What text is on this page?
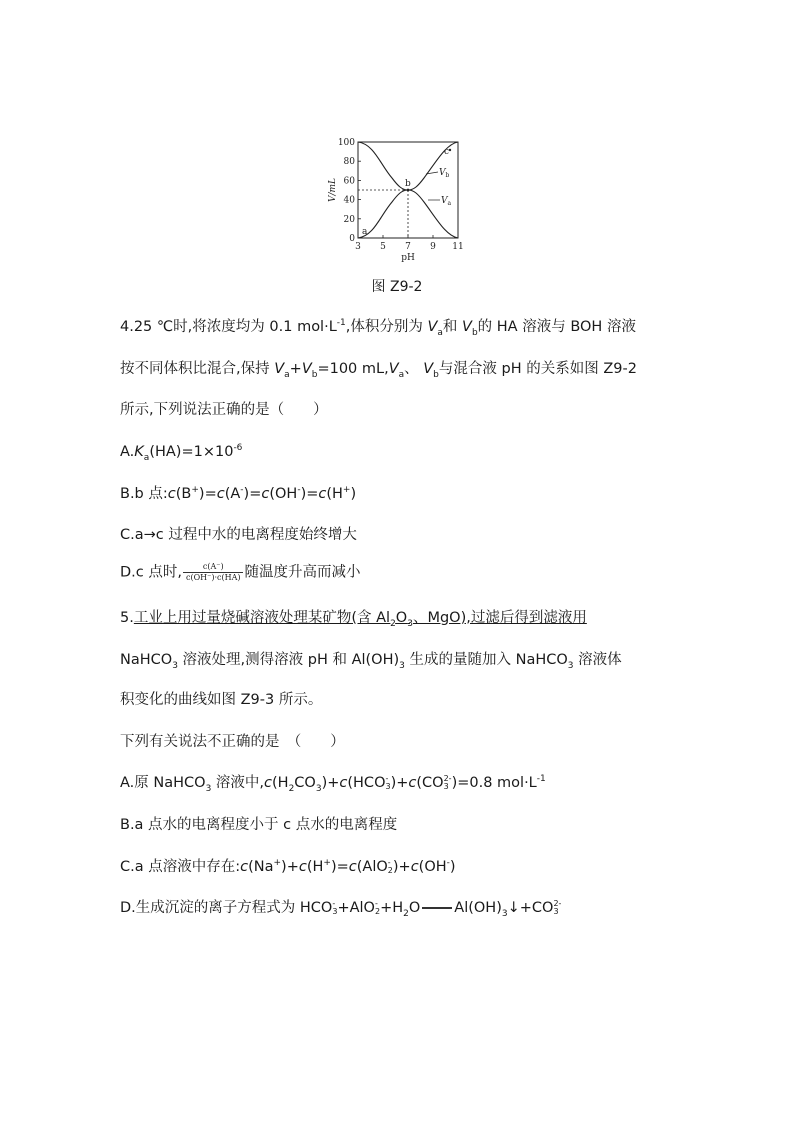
100
80
60
40
20
0
3 5 7 9 11
pH
V/mL
a
b
c
$V_b$
$V_a$
图 Z9-2
4.25 ℃时,将浓度均为 0.1 $mol\cdot L^{-1}$,体积分别为 $V_a$和 $V_b$的 HA 溶液与 BOH 溶液
按不同体积比混合,保持 $V_a+V_b=100$ $mL,V_a$、 $V_b$与混合液 pH 的关系如图 Z9-2
所示,下列说法正确的是（　　）
$A.K_a(HA)=1\times 10^{-6}$
B.b 点:c(B+)=c(A-)=c(OH-)=c(H+)
C.a→c 过程中水的电离程度始终增大
D.c 点时, $\frac{c(A^-)}{c(OH^-)\cdot c(HA)}$ 随温度升高而减小
5.工业上用过量烧碱溶液处理某矿物(含 $Al_2O_3$、MgO),过滤后得到滤液用
NaHCO$_3$ 溶液处理,测得溶液 pH 和 $Al(OH)_3$ 生成的量随加入 NaHCO$_3$ 溶液体
积变化的曲线如图 Z9-3 所示。
下列有关说法不正确的是　（　　）
A.原 NaHCO$_3$ 溶液中$,c(H_2CO_3)+c(HCO$ -
3 )+c(CO 2-
3 )=0.8 $mol\cdot L^{-1}$
B.a 点水的电离程度小于 c 点水的电离程度
C.a 点溶液中存在:c(Na+)+c(H+)=c(AlO -
2 )+c(OH-)
D.生成沉淀的离子方程式为 HCO -
3 +AlO -
$2 +H_2O$ $Al(OH)_3↓+CO$ 2-
3
